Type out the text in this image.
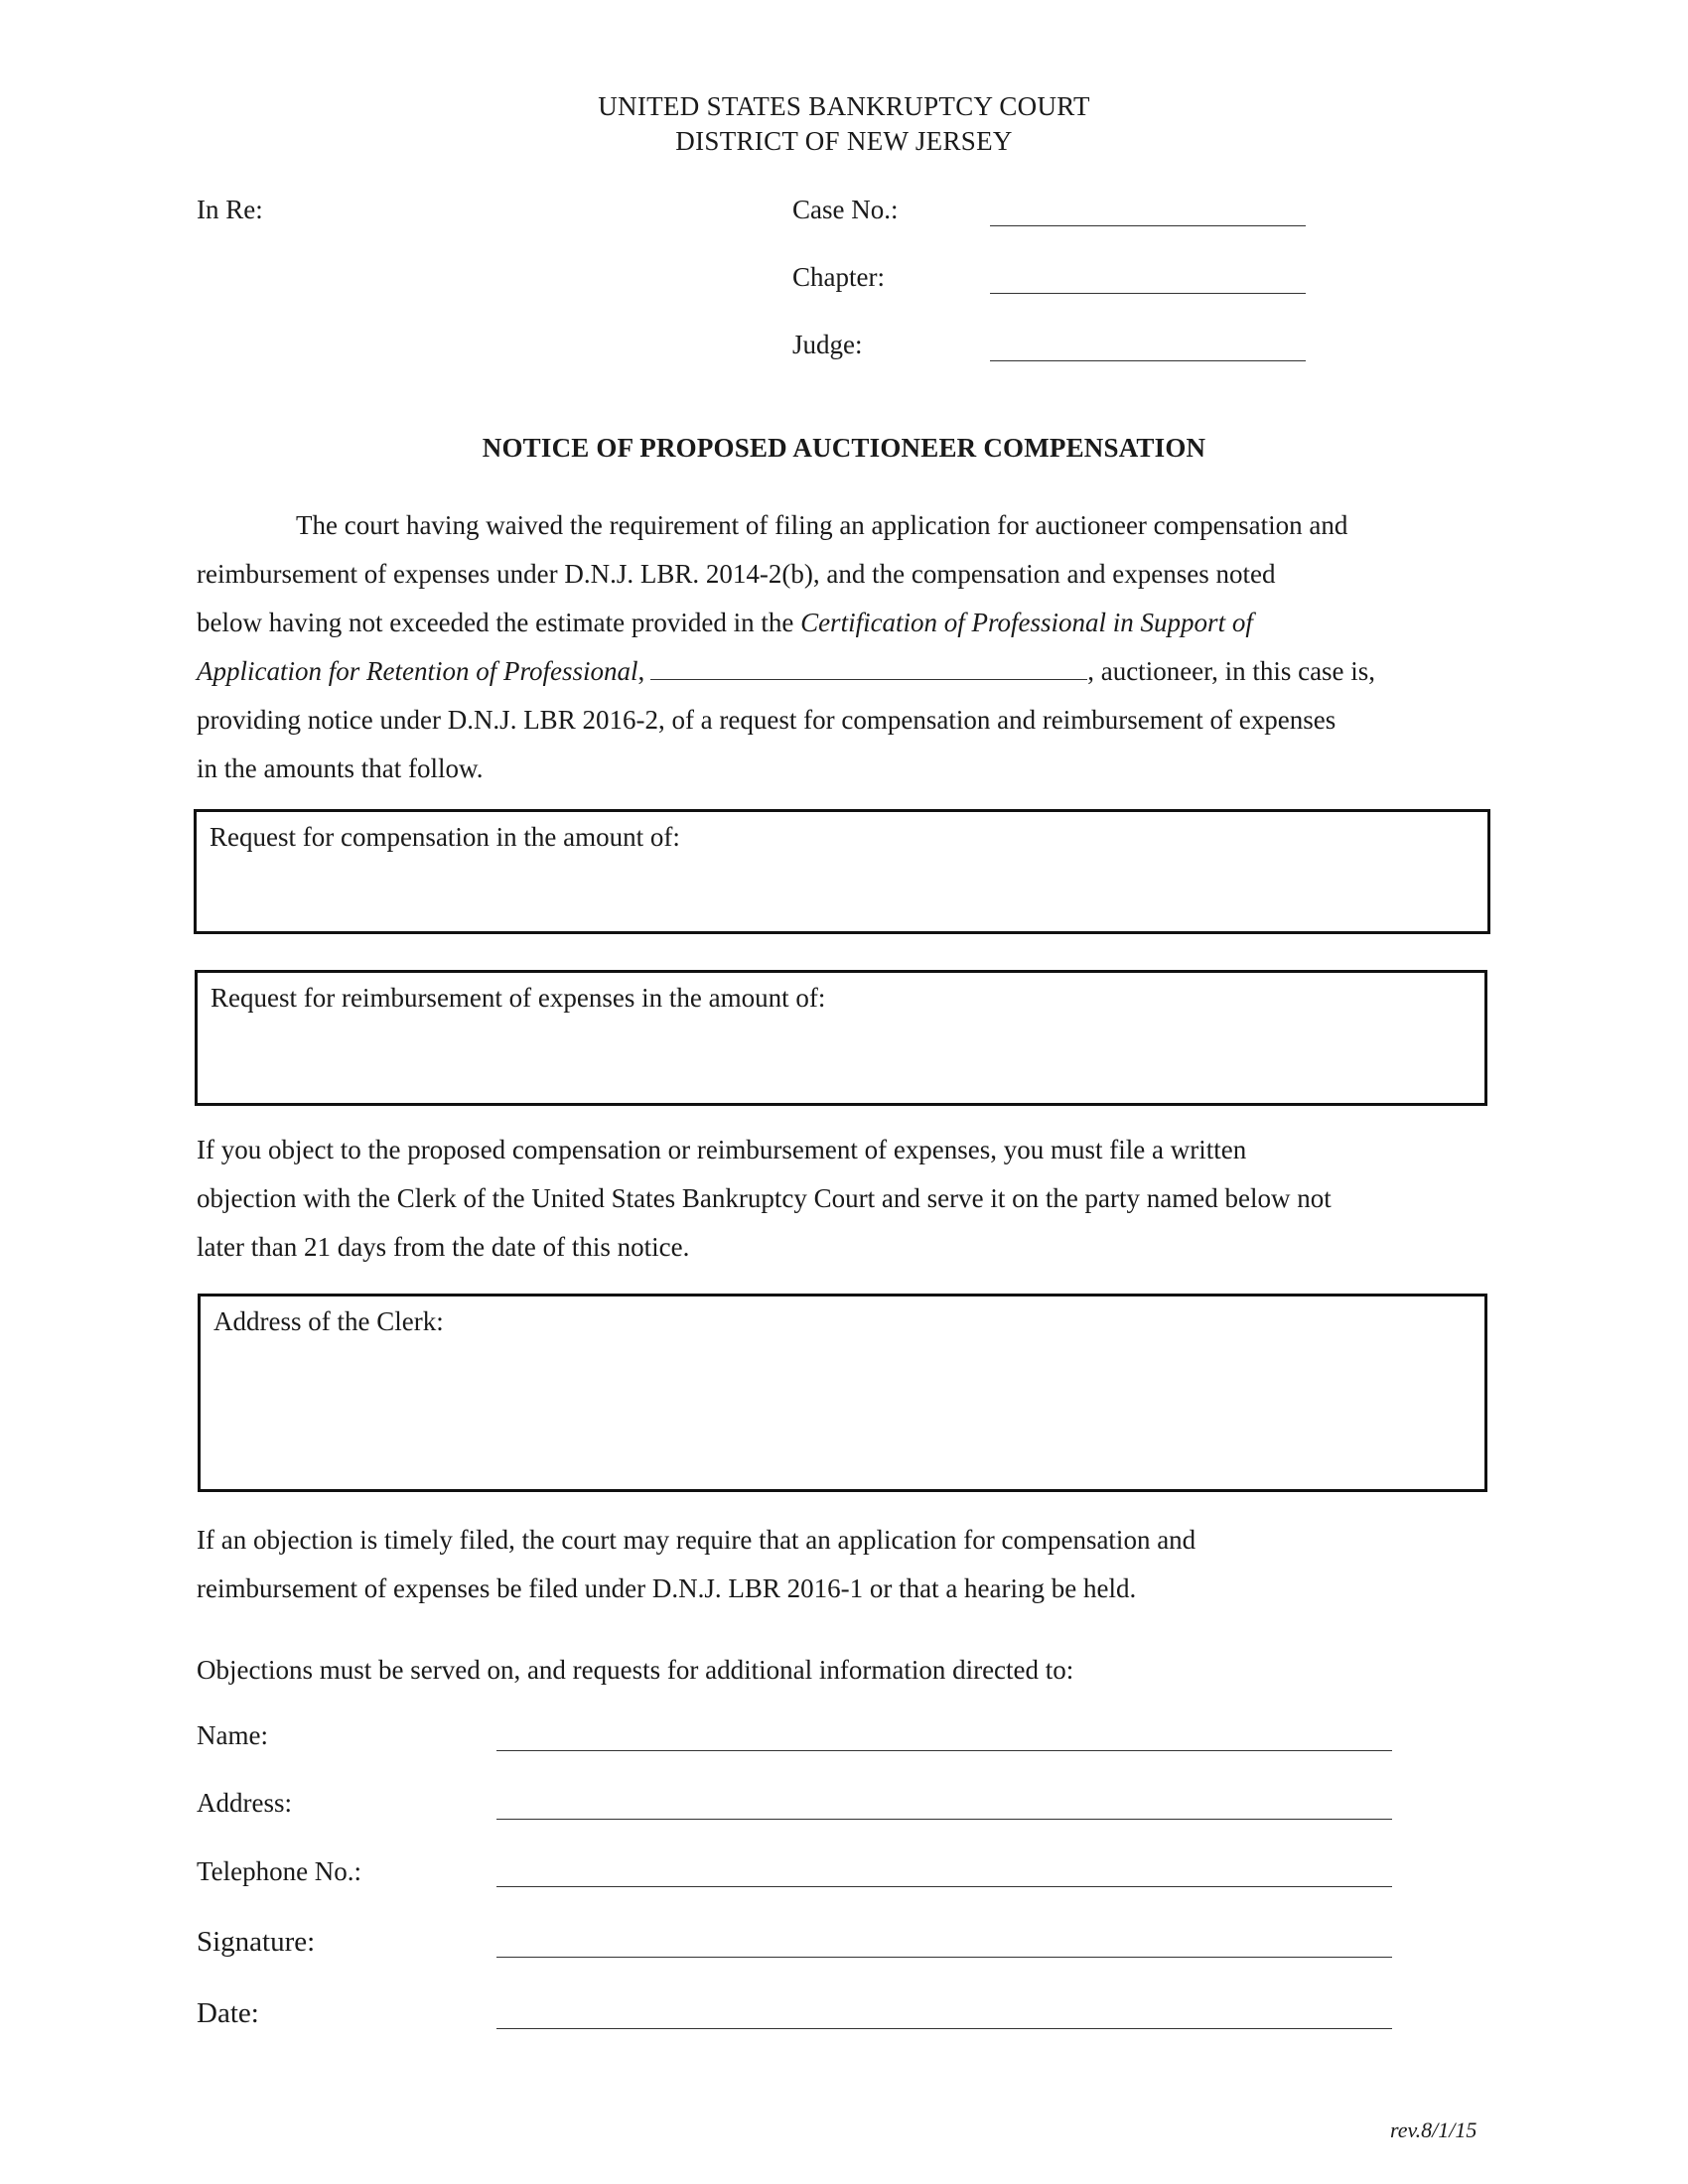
UNITED STATES BANKRUPTCY COURT
DISTRICT OF NEW JERSEY
In Re:	Case No.:
Chapter:
Judge:
NOTICE OF PROPOSED AUCTIONEER COMPENSATION
The court having waived the requirement of filing an application for auctioneer compensation and
reimbursement of expenses under D.N.J. LBR. 2014-2(b), and the compensation and expenses noted
below having not exceeded the estimate provided in the Certification of Professional in Support of
Application for Retention of Professional,	, auctioneer, in this case is,
providing notice under D.N.J. LBR 2016-2, of a request for compensation and reimbursement of expenses
in the amounts that follow.
Request for compensation in the amount of:
Request for reimbursement of expenses in the amount of:
If you object to the proposed compensation or reimbursement of expenses, you must file a written
objection with the Clerk of the United States Bankruptcy Court and serve it on the party named below not
later than 21 days from the date of this notice.
Address of the Clerk:
If an objection is timely filed, the court may require that an application for compensation and
reimbursement of expenses be filed under D.N.J. LBR 2016-1 or that a hearing be held.
Objections must be served on, and requests for additional information directed to:
Name:
Address:
Telephone No.:
Signature:
Date:
rev.8/1/15
